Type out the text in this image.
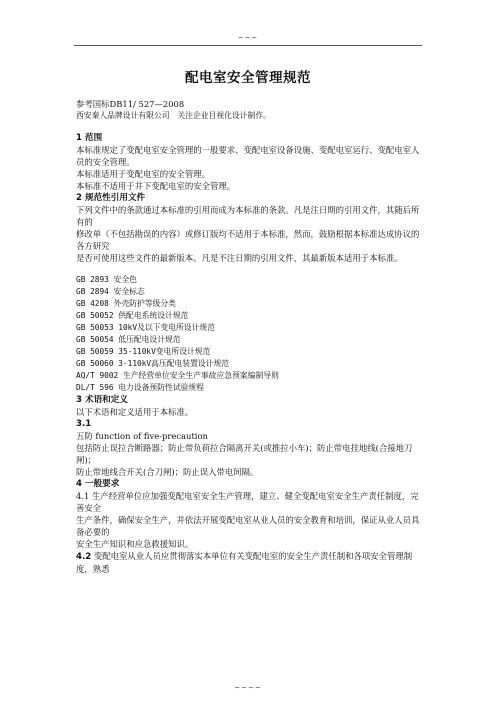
~~~
配电室安全管理规范

参考国标DB11/ 527—2008

西安秦人品牌设计有限公司　关注企业目视化设计制作。

1 范围

本标准规定了变配电室安全管理的一般要求、变配电室设备设施、变配电室运行、变配电室人员的安全管理。

本标准适用于变配电室的安全管理。

本标准不适用于井下变配电室的安全管理。

2 规范性引用文件

下列文件中的条款通过本标准的引用而成为本标准的条款。凡是注日期的引用文件，其随后所有的

修改单（不包括勘误的内容）或修订版均不适用于本标准，然而，鼓励根据本标准达成协议的各方研究

是否可使用这些文件的最新版本。凡是不注日期的引用文件，其最新版本适用于本标准。

GB 2893 安全色

GB 2894 安全标志

GB 4208 外壳防护等级分类

GB 50052 供配电系统设计规范

GB 50053 10kV及以下变电所设计规范

GB 50054 低压配电设计规范

GB 50059 35-110kV变电所设计规范

GB 50060 3-110kV高压配电装置设计规范

AQ/T 9002 生产经营单位安全生产事故应急预案编制导则

DL/T 596 电力设备预防性试验规程

3 术语和定义

以下术语和定义适用于本标准。

3.1

五防 function of five-precaution

包括防止误拉合断路器；防止带负荷拉合隔离开关(或推拉小车)；防止带电挂地线(合接地刀闸)；

防止带地线合开关(合刀闸)；防止误入带电间隔。

4 一般要求

4.1 生产经营单位应加强变配电室安全生产管理，建立、健全变配电室安全生产责任制度，完善安全

生产条件，确保安全生产，并依法开展变配电室从业人员的安全教育和培训，保证从业人员具备必要的

安全生产知识和应急救援知识。

4.2 变配电室从业人员应贯彻落实本单位有关变配电室的安全生产责任制和各项安全管理制度，熟悉

~~~~
